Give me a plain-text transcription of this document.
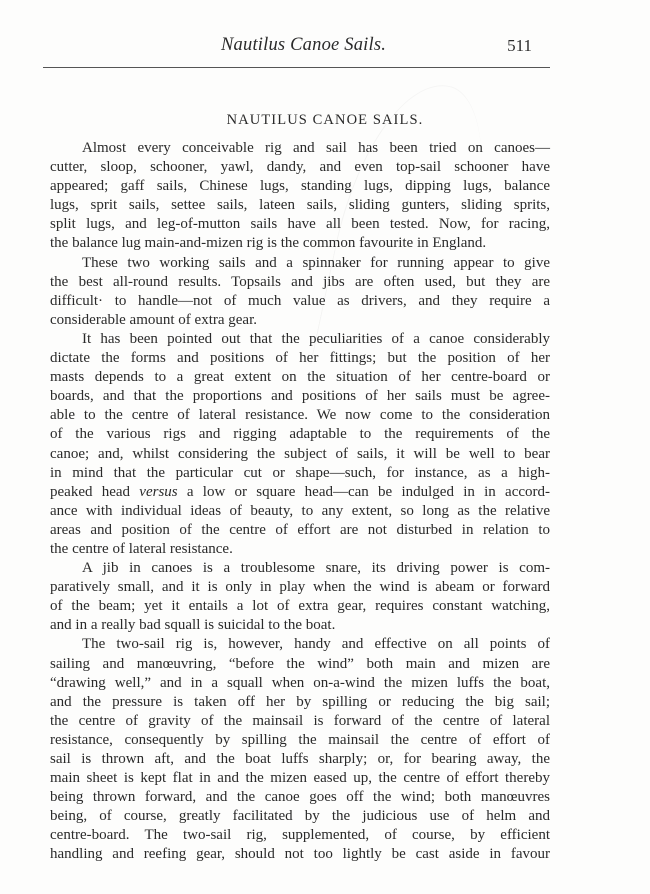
Nautilus Canoe Sails.	511
NAUTILUS CANOE SAILS.
Almost every conceivable rig and sail has been tried on canoes—
cutter, sloop, schooner, yawl, dandy, and even top-sail schooner have
appeared; gaff sails, Chinese lugs, standing lugs, dipping lugs, balance
lugs, sprit sails, settee sails, lateen sails, sliding gunters, sliding sprits,
split lugs, and leg-of-mutton sails have all been tested. Now, for racing,
the balance lug main-and-mizen rig is the common favourite in England.
These two working sails and a spinnaker for running appear to give
the best all-round results. Topsails and jibs are often used, but they are
difficult· to handle—not of much value as drivers, and they require a
considerable amount of extra gear.
It has been pointed out that the peculiarities of a canoe considerably
dictate the forms and positions of her fittings; but the position of her
masts depends to a great extent on the situation of her centre-board or
boards, and that the proportions and positions of her sails must be agree-
able to the centre of lateral resistance. We now come to the consideration
of the various rigs and rigging adaptable to the requirements of the
canoe; and, whilst considering the subject of sails, it will be well to bear
in mind that the particular cut or shape—such, for instance, as a high-
peaked head versus a low or square head—can be indulged in in accord-
ance with individual ideas of beauty, to any extent, so long as the relative
areas and position of the centre of effort are not disturbed in relation to
the centre of lateral resistance.
A jib in canoes is a troublesome snare, its driving power is com-
paratively small, and it is only in play when the wind is abeam or forward
of the beam; yet it entails a lot of extra gear, requires constant watching,
and in a really bad squall is suicidal to the boat.
The two-sail rig is, however, handy and effective on all points of
sailing and manœuvring, “before the wind” both main and mizen are
“drawing well,” and in a squall when on-a-wind the mizen luffs the boat,
and the pressure is taken off her by spilling or reducing the big sail;
the centre of gravity of the mainsail is forward of the centre of lateral
resistance, consequently by spilling the mainsail the centre of effort of
sail is thrown aft, and the boat luffs sharply; or, for bearing away, the
main sheet is kept flat in and the mizen eased up, the centre of effort thereby
being thrown forward, and the canoe goes off the wind; both manœuvres
being, of course, greatly facilitated by the judicious use of helm and
centre-board. The two-sail rig, supplemented, of course, by efficient
handling and reefing gear, should not too lightly be cast aside in favour
